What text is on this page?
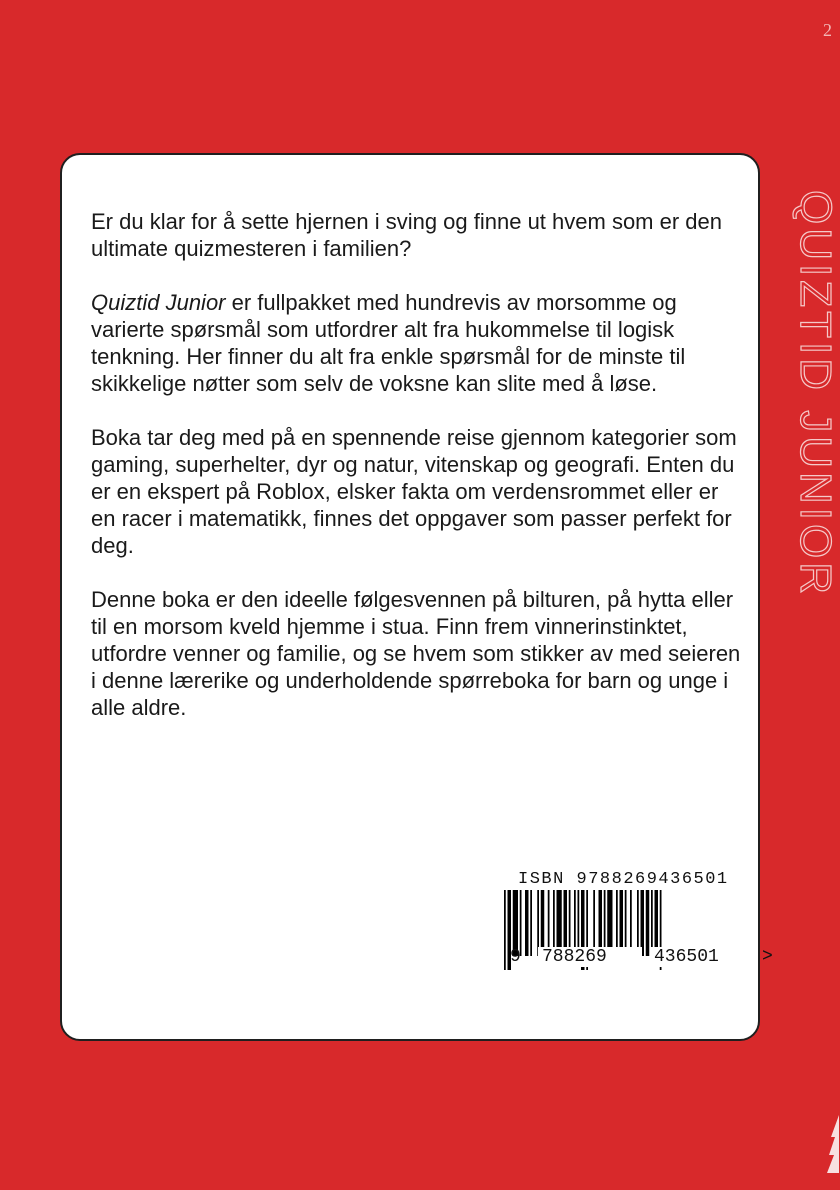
2
QUIZTID JUNIOR

Er du klar for å sette hjernen i sving og finne ut hvem som er den ultimate quizmesteren i familien?

Quiztid Junior er fullpakket med hundrevis av morsomme og varierte spørsmål som utfordrer alt fra hukommelse til logisk tenkning. Her finner du alt fra enkle spørsmål for de minste til skikkelige nøtter som selv de voksne kan slite med å løse.

Boka tar deg med på en spennende reise gjennom kategorier som gaming, superhelter, dyr og natur, vitenskap og geografi. Enten du er en ekspert på Roblox, elsker fakta om verdensrommet eller er en racer i matematikk, finnes det oppgaver som passer perfekt for deg.

Denne boka er den ideelle følgesvennen på bilturen, på hytta eller til en morsom kveld hjemme i stua. Finn frem vinnerinstinktet, utfordre venner og familie, og se hvem som stikker av med seieren i denne lærerike og underholdende spørreboka for barn og unge i alle aldre.

ISBN 9788269436501
9 788269	436501 >
